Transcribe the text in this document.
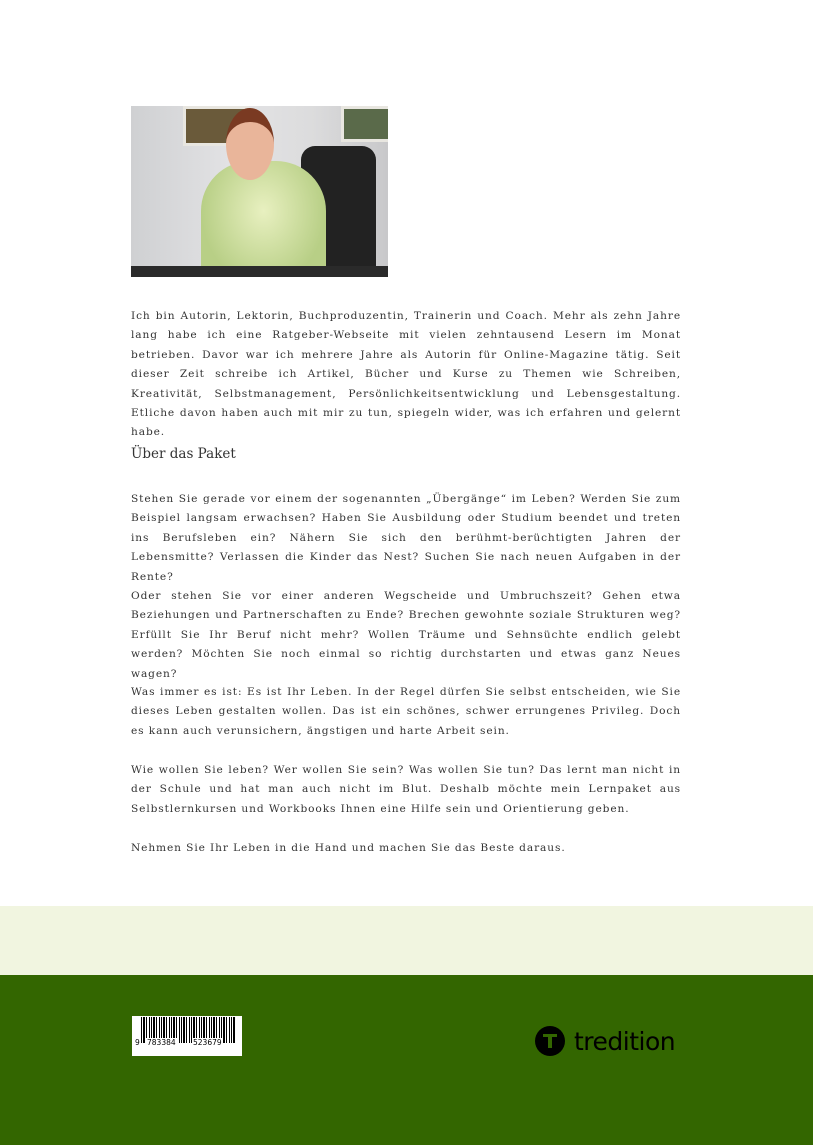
Ich bin Autorin, Lektorin, Buchproduzentin, Trainerin und Coach. Mehr als zehn Jahre lang habe ich eine Ratgeber-Webseite mit vielen zehntausend Lesern im Monat betrieben. Davor war ich mehrere Jahre als Autorin für Online-Magazine tätig. Seit dieser Zeit schreibe ich Artikel, Bücher und Kurse zu Themen wie Schreiben, Kreativität, Selbstmanagement, Persönlichkeitsentwicklung und Lebensgestaltung. Etliche davon haben auch mit mir zu tun, spiegeln wider, was ich erfahren und gelernt habe.

Über das Paket

Stehen Sie gerade vor einem der sogenannten „Übergänge“ im Leben? Werden Sie zum Beispiel langsam erwachsen? Haben Sie Ausbildung oder Studium beendet und treten ins Berufsleben ein? Nähern Sie sich den berühmt-berüchtigten Jahren der Lebensmitte? Verlassen die Kinder das Nest? Suchen Sie nach neuen Aufgaben in der Rente?

Oder stehen Sie vor einer anderen Wegscheide und Umbruchszeit? Gehen etwa Beziehungen und Partnerschaften zu Ende? Brechen gewohnte soziale Strukturen weg? Erfüllt Sie Ihr Beruf nicht mehr? Wollen Träume und Sehnsüchte endlich gelebt werden? Möchten Sie noch einmal so richtig durchstarten und etwas ganz Neues wagen?

Was immer es ist: Es ist Ihr Leben. In der Regel dürfen Sie selbst entscheiden, wie Sie dieses Leben gestalten wollen. Das ist ein schönes, schwer errungenes Privileg. Doch es kann auch verunsichern, ängstigen und harte Arbeit sein.

Wie wollen Sie leben? Wer wollen Sie sein? Was wollen Sie tun? Das lernt man nicht in der Schule und hat man auch nicht im Blut. Deshalb möchte mein Lernpaket aus Selbstlernkursen und Workbooks Ihnen eine Hilfe sein und Orientierung geben.

Nehmen Sie Ihr Leben in die Hand und machen Sie das Beste daraus.

9 783384 523679	tredition
